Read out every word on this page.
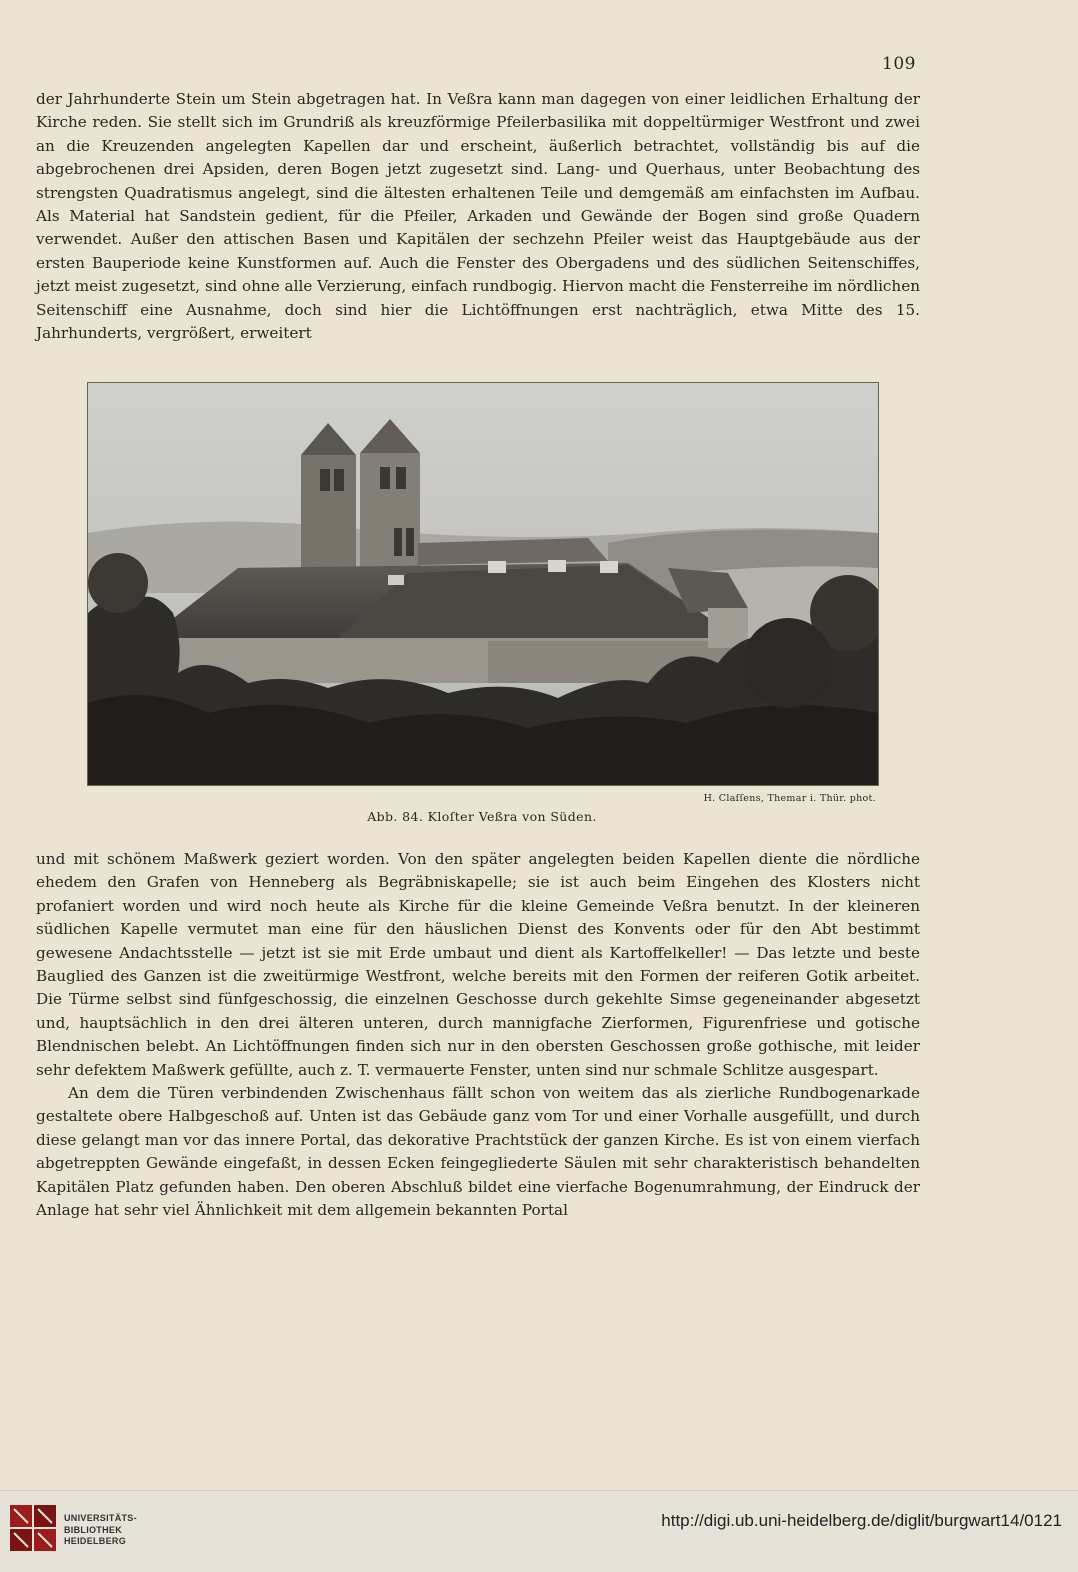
109

der Jahrhunderte Stein um Stein abgetragen hat. In Veßra kann man dagegen von einer leidlichen Erhaltung der Kirche reden. Sie stellt sich im Grundriß als kreuzförmige Pfeilerbasilika mit doppeltürmiger Westfront und zwei an die Kreuzenden angelegten Kapellen dar und erscheint, äußerlich betrachtet, vollständig bis auf die abgebrochenen drei Apsiden, deren Bogen jetzt zugesetzt sind. Lang- und Querhaus, unter Beobachtung des strengsten Quadratismus angelegt, sind die ältesten erhaltenen Teile und demgemäß am einfachsten im Aufbau. Als Material hat Sandstein gedient, für die Pfeiler, Arkaden und Gewände der Bogen sind große Quadern verwendet. Außer den attischen Basen und Kapitälen der sechzehn Pfeiler weist das Hauptgebäude aus der ersten Bauperiode keine Kunstformen auf. Auch die Fenster des Obergadens und des südlichen Seitenschiffes, jetzt meist zugesetzt, sind ohne alle Verzierung, einfach rundbogig. Hiervon macht die Fensterreihe im nördlichen Seitenschiff eine Ausnahme, doch sind hier die Lichtöffnungen erst nachträglich, etwa Mitte des 15. Jahrhunderts, vergrößert, erweitert

H. Claſſens, Themar i. Thür. phot.
Abb. 84. Kloſter Veßra von Süden.

und mit schönem Maßwerk geziert worden. Von den später angelegten beiden Kapellen diente die nördliche ehedem den Grafen von Henneberg als Begräbniskapelle; sie ist auch beim Eingehen des Klosters nicht profaniert worden und wird noch heute als Kirche für die kleine Gemeinde Veßra benutzt. In der kleineren südlichen Kapelle vermutet man eine für den häuslichen Dienst des Konvents oder für den Abt bestimmt gewesene Andachtsstelle — jetzt ist sie mit Erde umbaut und dient als Kartoffelkeller! — Das letzte und beste Bauglied des Ganzen ist die zweitürmige Westfront, welche bereits mit den Formen der reiferen Gotik arbeitet. Die Türme selbst sind fünfgeschossig, die einzelnen Geschosse durch gekehlte Simse gegeneinander abgesetzt und, hauptsächlich in den drei älteren unteren, durch mannigfache Zierformen, Figurenfriese und gotische Blendnischen belebt. An Lichtöffnungen finden sich nur in den obersten Geschossen große gothische, mit leider sehr defektem Maßwerk gefüllte, auch z. T. vermauerte Fenster, unten sind nur schmale Schlitze ausgespart.

An dem die Türen verbindenden Zwischenhaus fällt schon von weitem das als zierliche Rundbogenarkade gestaltete obere Halbgeschoß auf. Unten ist das Gebäude ganz vom Tor und einer Vorhalle ausgefüllt, und durch diese gelangt man vor das innere Portal, das dekorative Prachtstück der ganzen Kirche. Es ist von einem vierfach abgetreppten Gewände eingefaßt, in dessen Ecken feingegliederte Säulen mit sehr charakteristisch behandelten Kapitälen Platz gefunden haben. Den oberen Abschluß bildet eine vierfache Bogenumrahmung, der Eindruck der Anlage hat sehr viel Ähnlichkeit mit dem allgemein bekannten Portal

UNIVERSITÄTS-
BIBLIOTHEK
HEIDELBERG
http://digi.ub.uni-heidelberg.de/diglit/burgwart14/0121
